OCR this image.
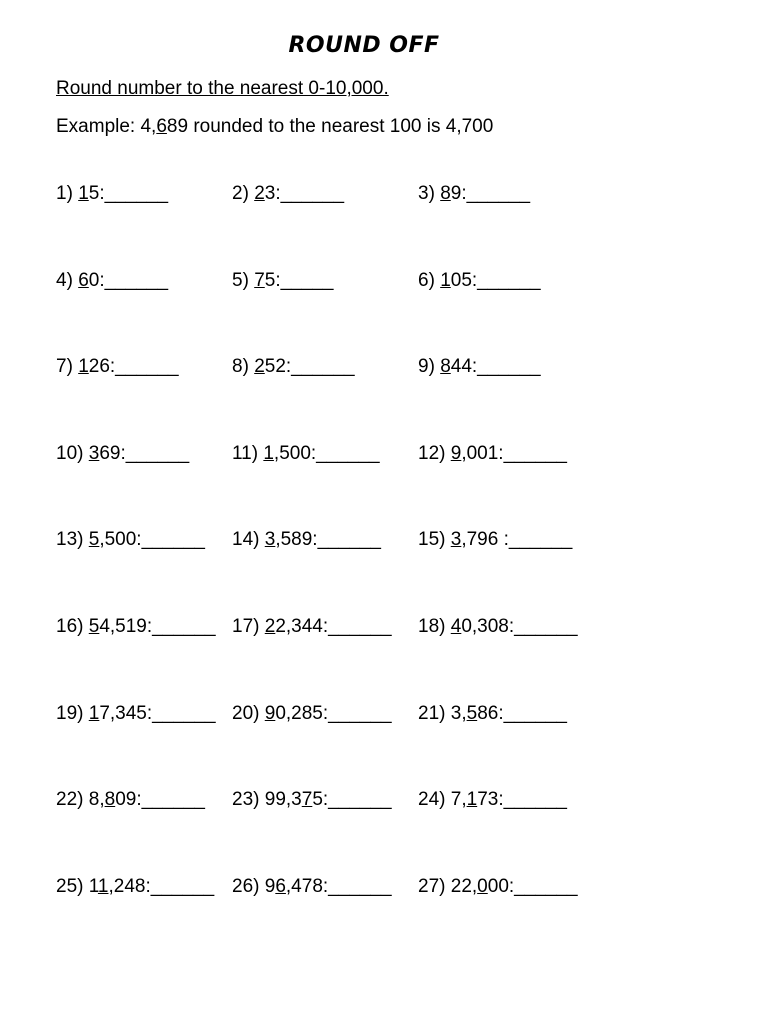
ROUND OFF
Round number to the nearest 0-10,000.
Example: 4,689 rounded to the nearest 100 is 4,700
1) 15:______	2) 23:______	3) 89:______
4) 60:______	5) 75:_____	6) 105:______
7) 126:______	8) 252:______	9) 844:______
10) 369:______ 11) 1,500:______ 12) 9,001:______
13) 5,500:______ 14) 3,589:______ 15) 3,796 :______
16) 54,519:______ 17) 22,344:______ 18) 40,308:______
19) 17,345:______ 20) 90,285:______ 21) 3,586:______
22) 8,809:______ 23) 99,375:______ 24) 7,173:______
25) 11,248:______ 26) 96,478:______ 27) 22,000:______
